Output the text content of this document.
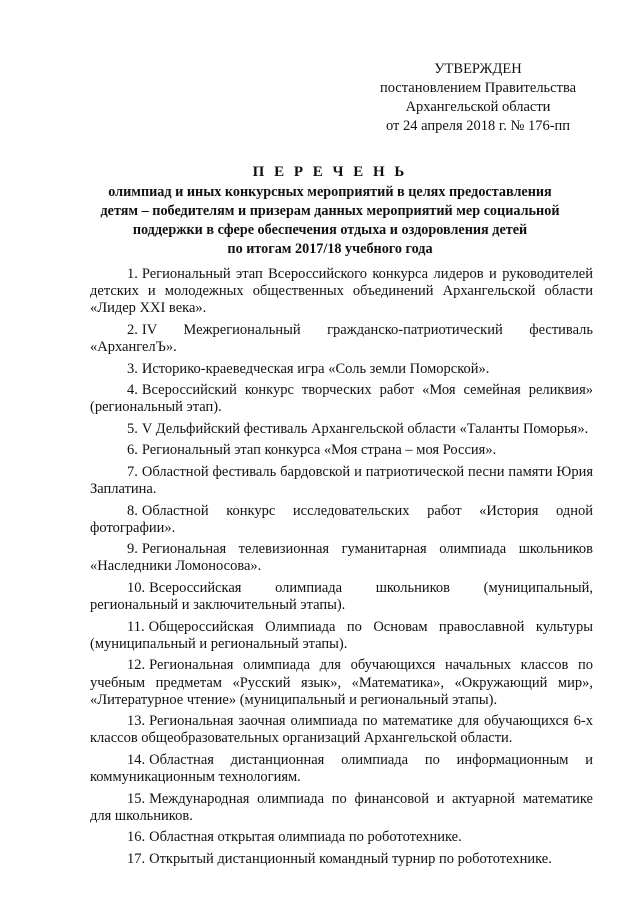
УТВЕРЖДЕН
постановлением Правительства
Архангельской области
от 24 апреля 2018 г. № 176-пп
П Е Р Е Ч Е Н Ь
олимпиад и иных конкурсных мероприятий в целях предоставления
детям – победителям и призерам данных мероприятий мер социальной
поддержки в сфере обеспечения отдыха и оздоровления детей
по итогам 2017/18 учебного года

1. Региональный этап Всероссийского конкурса лидеров и руководителей детских и молодежных общественных объединений Архангельской области «Лидер XXI века».

2. IV Межрегиональный гражданско-патриотический фестиваль «АрхангелЪ».

3. Историко-краеведческая игра «Соль земли Поморской».

4. Всероссийский конкурс творческих работ «Моя семейная реликвия» (региональный этап).

5. V Дельфийский фестиваль Архангельской области «Таланты Поморья».

6. Региональный этап конкурса «Моя страна – моя Россия».

7. Областной фестиваль бардовской и патриотической песни памяти Юрия Заплатина.

8. Областной конкурс исследовательских работ «История одной фотографии».

9. Региональная телевизионная гуманитарная олимпиада школьников «Наследники Ломоносова».

10. Всероссийская олимпиада школьников (муниципальный, региональный и заключительный этапы).

11. Общероссийская Олимпиада по Основам православной культуры (муниципальный и региональный этапы).

12. Региональная олимпиада для обучающихся начальных классов по учебным предметам «Русский язык», «Математика», «Окружающий мир», «Литературное чтение» (муниципальный и региональный этапы).

13. Региональная заочная олимпиада по математике для обучающихся 6-х классов общеобразовательных организаций Архангельской области.

14. Областная дистанционная олимпиада по информационным и коммуникационным технологиям.

15. Международная олимпиада по финансовой и актуарной математике для школьников.

16. Областная открытая олимпиада по робототехнике.

17. Открытый дистанционный командный турнир по робототехнике.
